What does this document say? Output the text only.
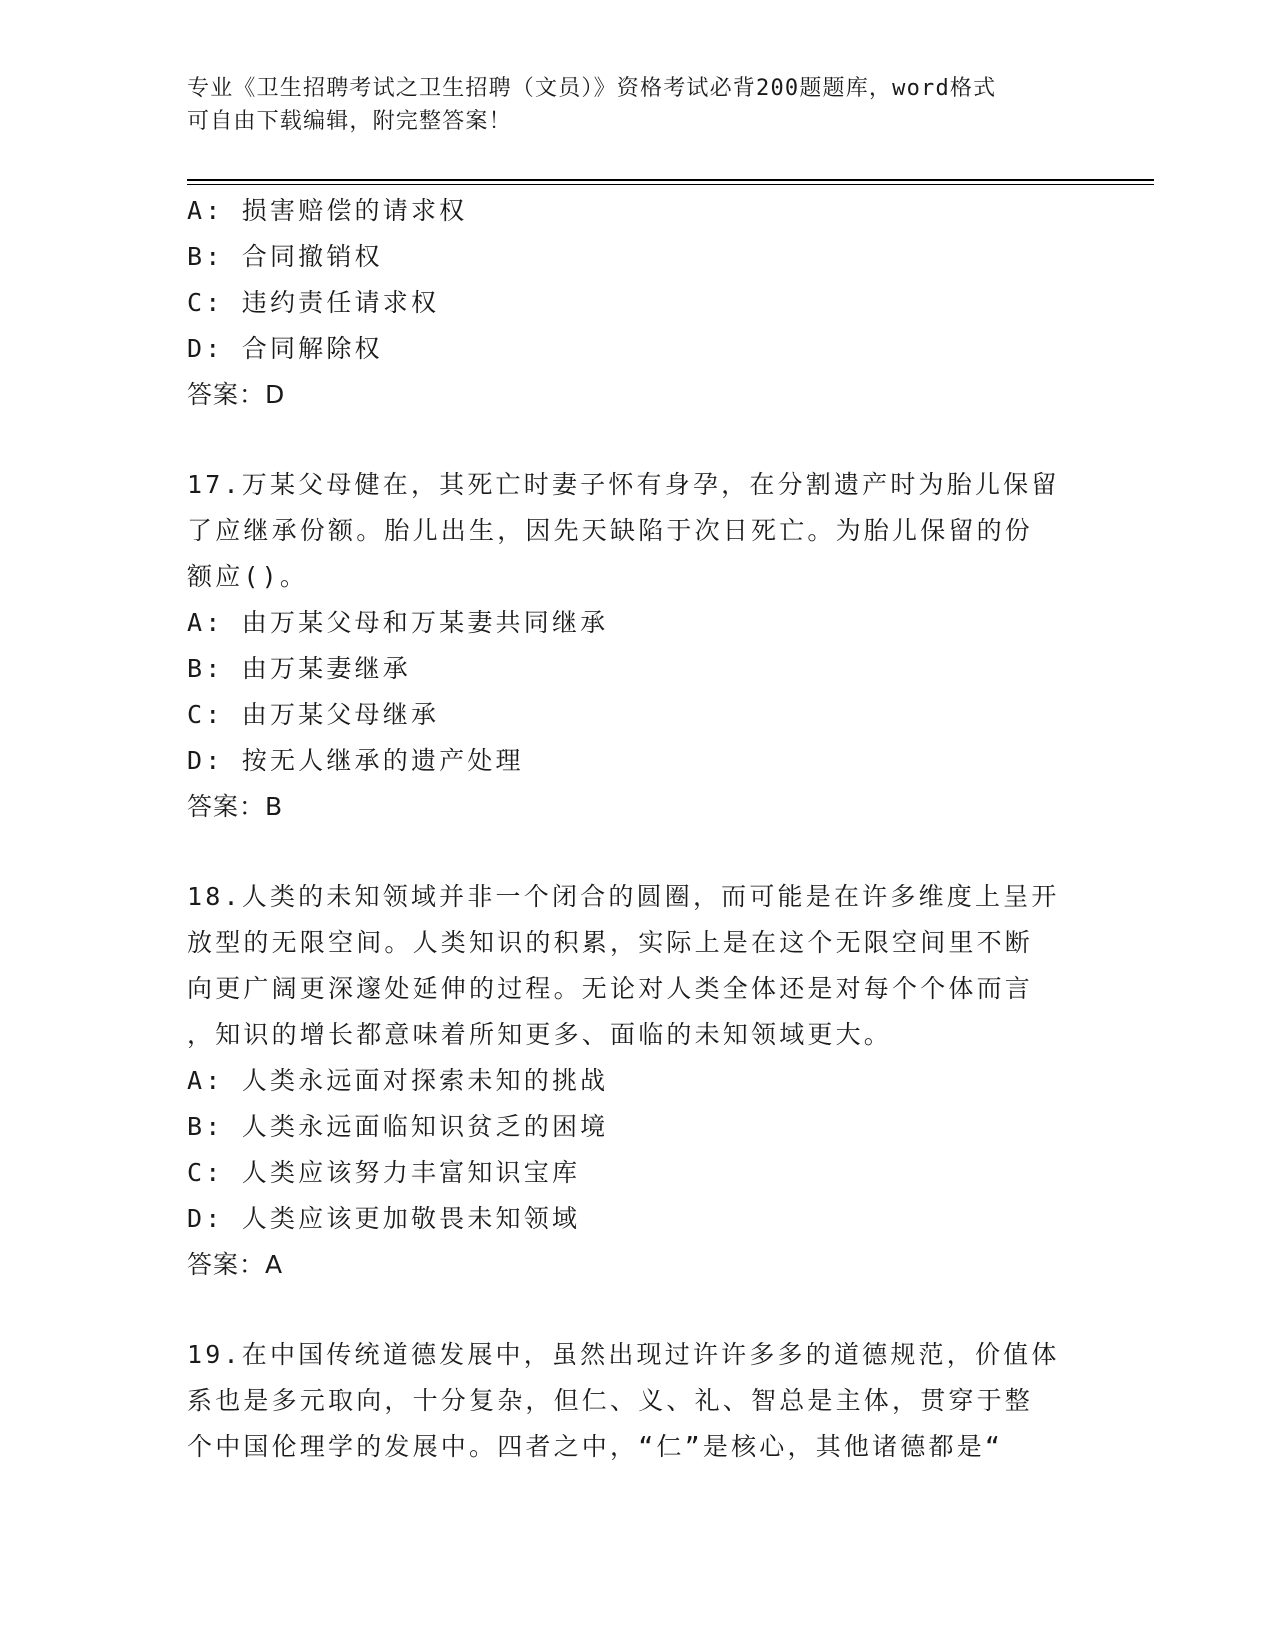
专业《卫生招聘考试之卫生招聘（文员）》资格考试必背200题题库，word格式
可自由下载编辑，附完整答案！
A: 损害赔偿的请求权
B: 合同撤销权
C: 违约责任请求权
D: 合同解除权
答案：D
17.万某父母健在，其死亡时妻子怀有身孕，在分割遗产时为胎儿保留
了应继承份额。胎儿出生，因先天缺陷于次日死亡。为胎儿保留的份
额应()。
A: 由万某父母和万某妻共同继承
B: 由万某妻继承
C: 由万某父母继承
D: 按无人继承的遗产处理
答案：B
18.人类的未知领域并非一个闭合的圆圈，而可能是在许多维度上呈开
放型的无限空间。人类知识的积累，实际上是在这个无限空间里不断
向更广阔更深邃处延伸的过程。无论对人类全体还是对每个个体而言
，知识的增长都意味着所知更多、面临的未知领域更大。
A: 人类永远面对探索未知的挑战
B: 人类永远面临知识贫乏的困境
C: 人类应该努力丰富知识宝库
D: 人类应该更加敬畏未知领域
答案：A
19.在中国传统道德发展中，虽然出现过许许多多的道德规范，价值体
系也是多元取向，十分复杂，但仁、义、礼、智总是主体，贯穿于整
个中国伦理学的发展中。四者之中，“仁”是核心，其他诸德都是“
